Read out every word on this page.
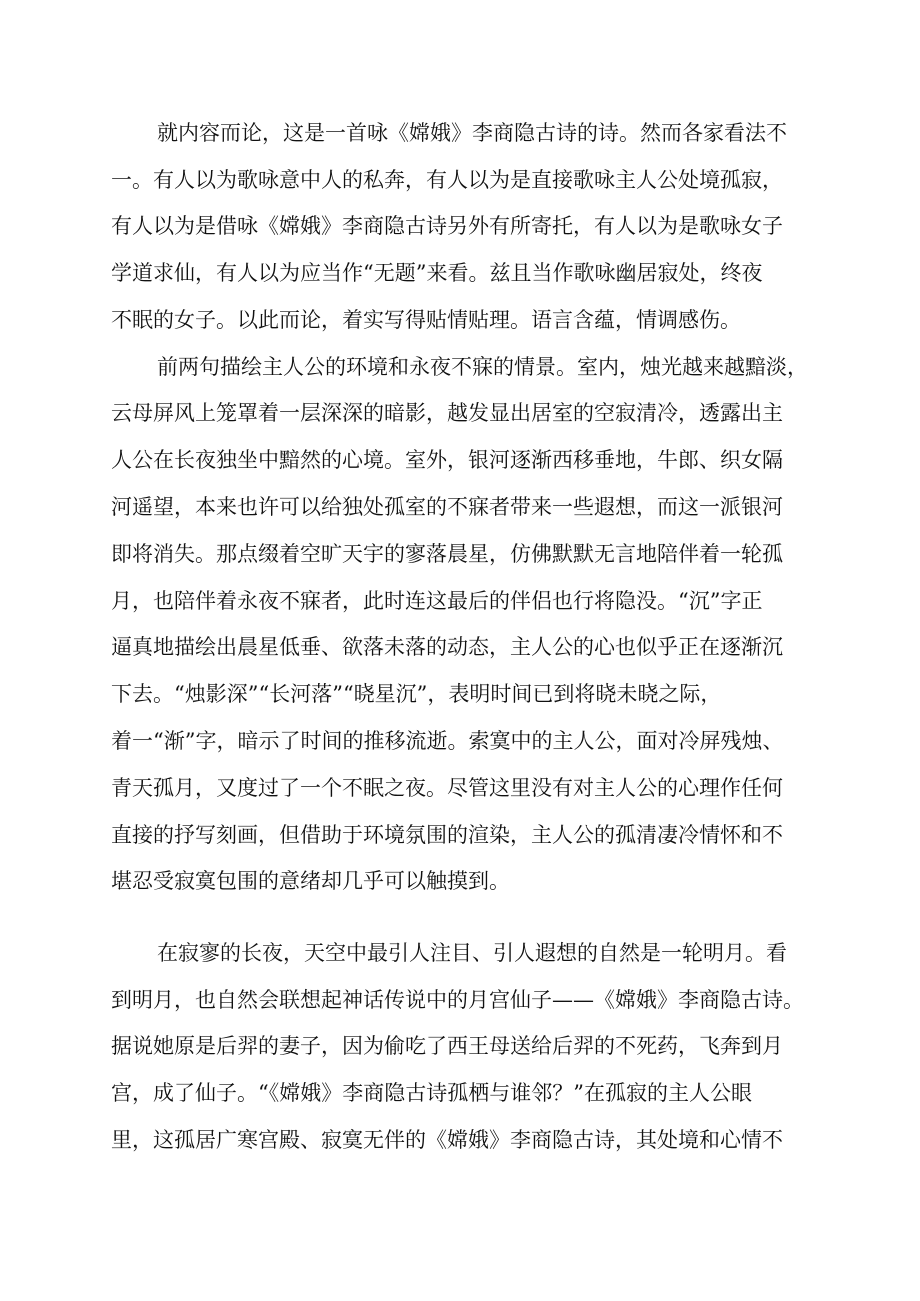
就内容而论，这是一首咏《嫦娥》李商隐古诗的诗。然而各家看法不
一。有人以为歌咏意中人的私奔，有人以为是直接歌咏主人公处境孤寂，
有人以为是借咏《嫦娥》李商隐古诗另外有所寄托，有人以为是歌咏女子
学道求仙，有人以为应当作“无题”来看。兹且当作歌咏幽居寂处，终夜
不眠的女子。以此而论，着实写得贴情贴理。语言含蕴，情调感伤。
前两句描绘主人公的环境和永夜不寐的情景。室内，烛光越来越黯淡，
云母屏风上笼罩着一层深深的暗影，越发显出居室的空寂清冷，透露出主
人公在长夜独坐中黯然的心境。室外，银河逐渐西移垂地，牛郎、织女隔
河遥望，本来也许可以给独处孤室的不寐者带来一些遐想，而这一派银河
即将消失。那点缀着空旷天宇的寥落晨星，仿佛默默无言地陪伴着一轮孤
月，也陪伴着永夜不寐者，此时连这最后的伴侣也行将隐没。“沉”字正
逼真地描绘出晨星低垂、欲落未落的动态，主人公的心也似乎正在逐渐沉
下去。“烛影深”“长河落”“晓星沉”，表明时间已到将晓未晓之际，
着一“渐”字，暗示了时间的推移流逝。索寞中的主人公，面对冷屏残烛、
青天孤月，又度过了一个不眠之夜。尽管这里没有对主人公的心理作任何
直接的抒写刻画，但借助于环境氛围的渲染，主人公的孤清凄冷情怀和不
堪忍受寂寞包围的意绪却几乎可以触摸到。
在寂寥的长夜，天空中最引人注目、引人遐想的自然是一轮明月。看
到明月，也自然会联想起神话传说中的月宫仙子——《嫦娥》李商隐古诗。
据说她原是后羿的妻子，因为偷吃了西王母送给后羿的不死药，飞奔到月
宫，成了仙子。“《嫦娥》李商隐古诗孤栖与谁邻？”在孤寂的主人公眼
里，这孤居广寒宫殿、寂寞无伴的《嫦娥》李商隐古诗，其处境和心情不
